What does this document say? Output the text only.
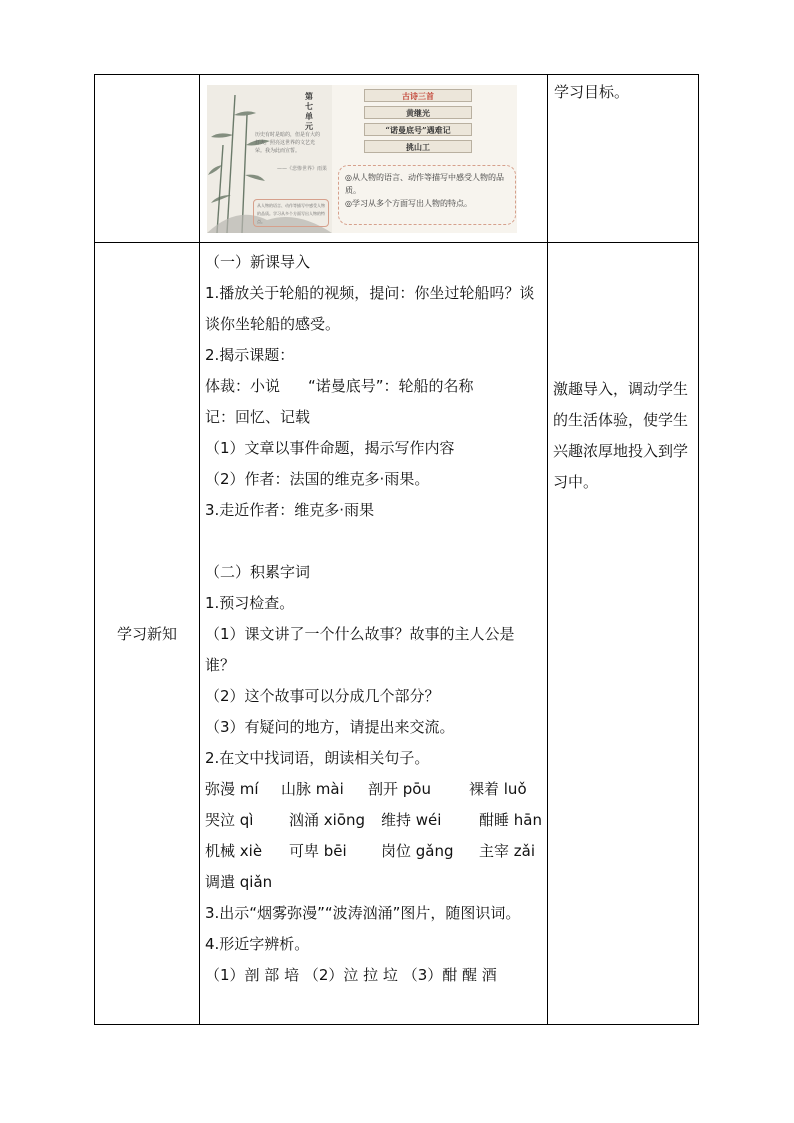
第七单元
历史有时是暗的，但是有大的灯火，照亮这世界的文艺光荣。我为此而宣誓。
——《悲惨世界》雨果
从人物的语言、动作等描写中感受人物的品质。学习从多个方面写出人物的特点。
古诗三首
黄继光
“诺曼底号”遇难记
挑山工
◎从人物的语言、动作等描写中感受人物的品质。
◎学习从多个方面写出人物的特点。
学习目标。
学习新知
（一）新课导入
1.播放关于轮船的视频，提问：你坐过轮船吗？谈谈你坐轮船的感受。
2.揭示课题：
体裁：小说 “诺曼底号”：轮船的名称
记：回忆、记载
（1）文章以事件命题，揭示写作内容
（2）作者：法国的维克多·雨果。
3.走近作者：维克多·雨果
（二）积累字词
1.预习检查。
（1）课文讲了一个什么故事？故事的主人公是谁？
（2）这个故事可以分成几个部分？
（3）有疑问的地方，请提出来交流。
2.在文中找词语，朗读相关句子。
弥漫 mí 山脉 mài 剖开 pōu	裸着 luǒ
哭泣 qì 汹涌 xiōng 维持 wéi	酣睡 hān
机械 xiè 可卑 bēi 岗位 gǎng 主宰 zǎi
调遣 qiǎn
3.出示“烟雾弥漫”“波涛汹涌”图片，随图识词。
4.形近字辨析。
（1）剖 部 培 （2）泣 拉 垃 （3）酣 醒 酒
激趣导入，调动学生的生活体验，使学生兴趣浓厚地投入到学习中。
